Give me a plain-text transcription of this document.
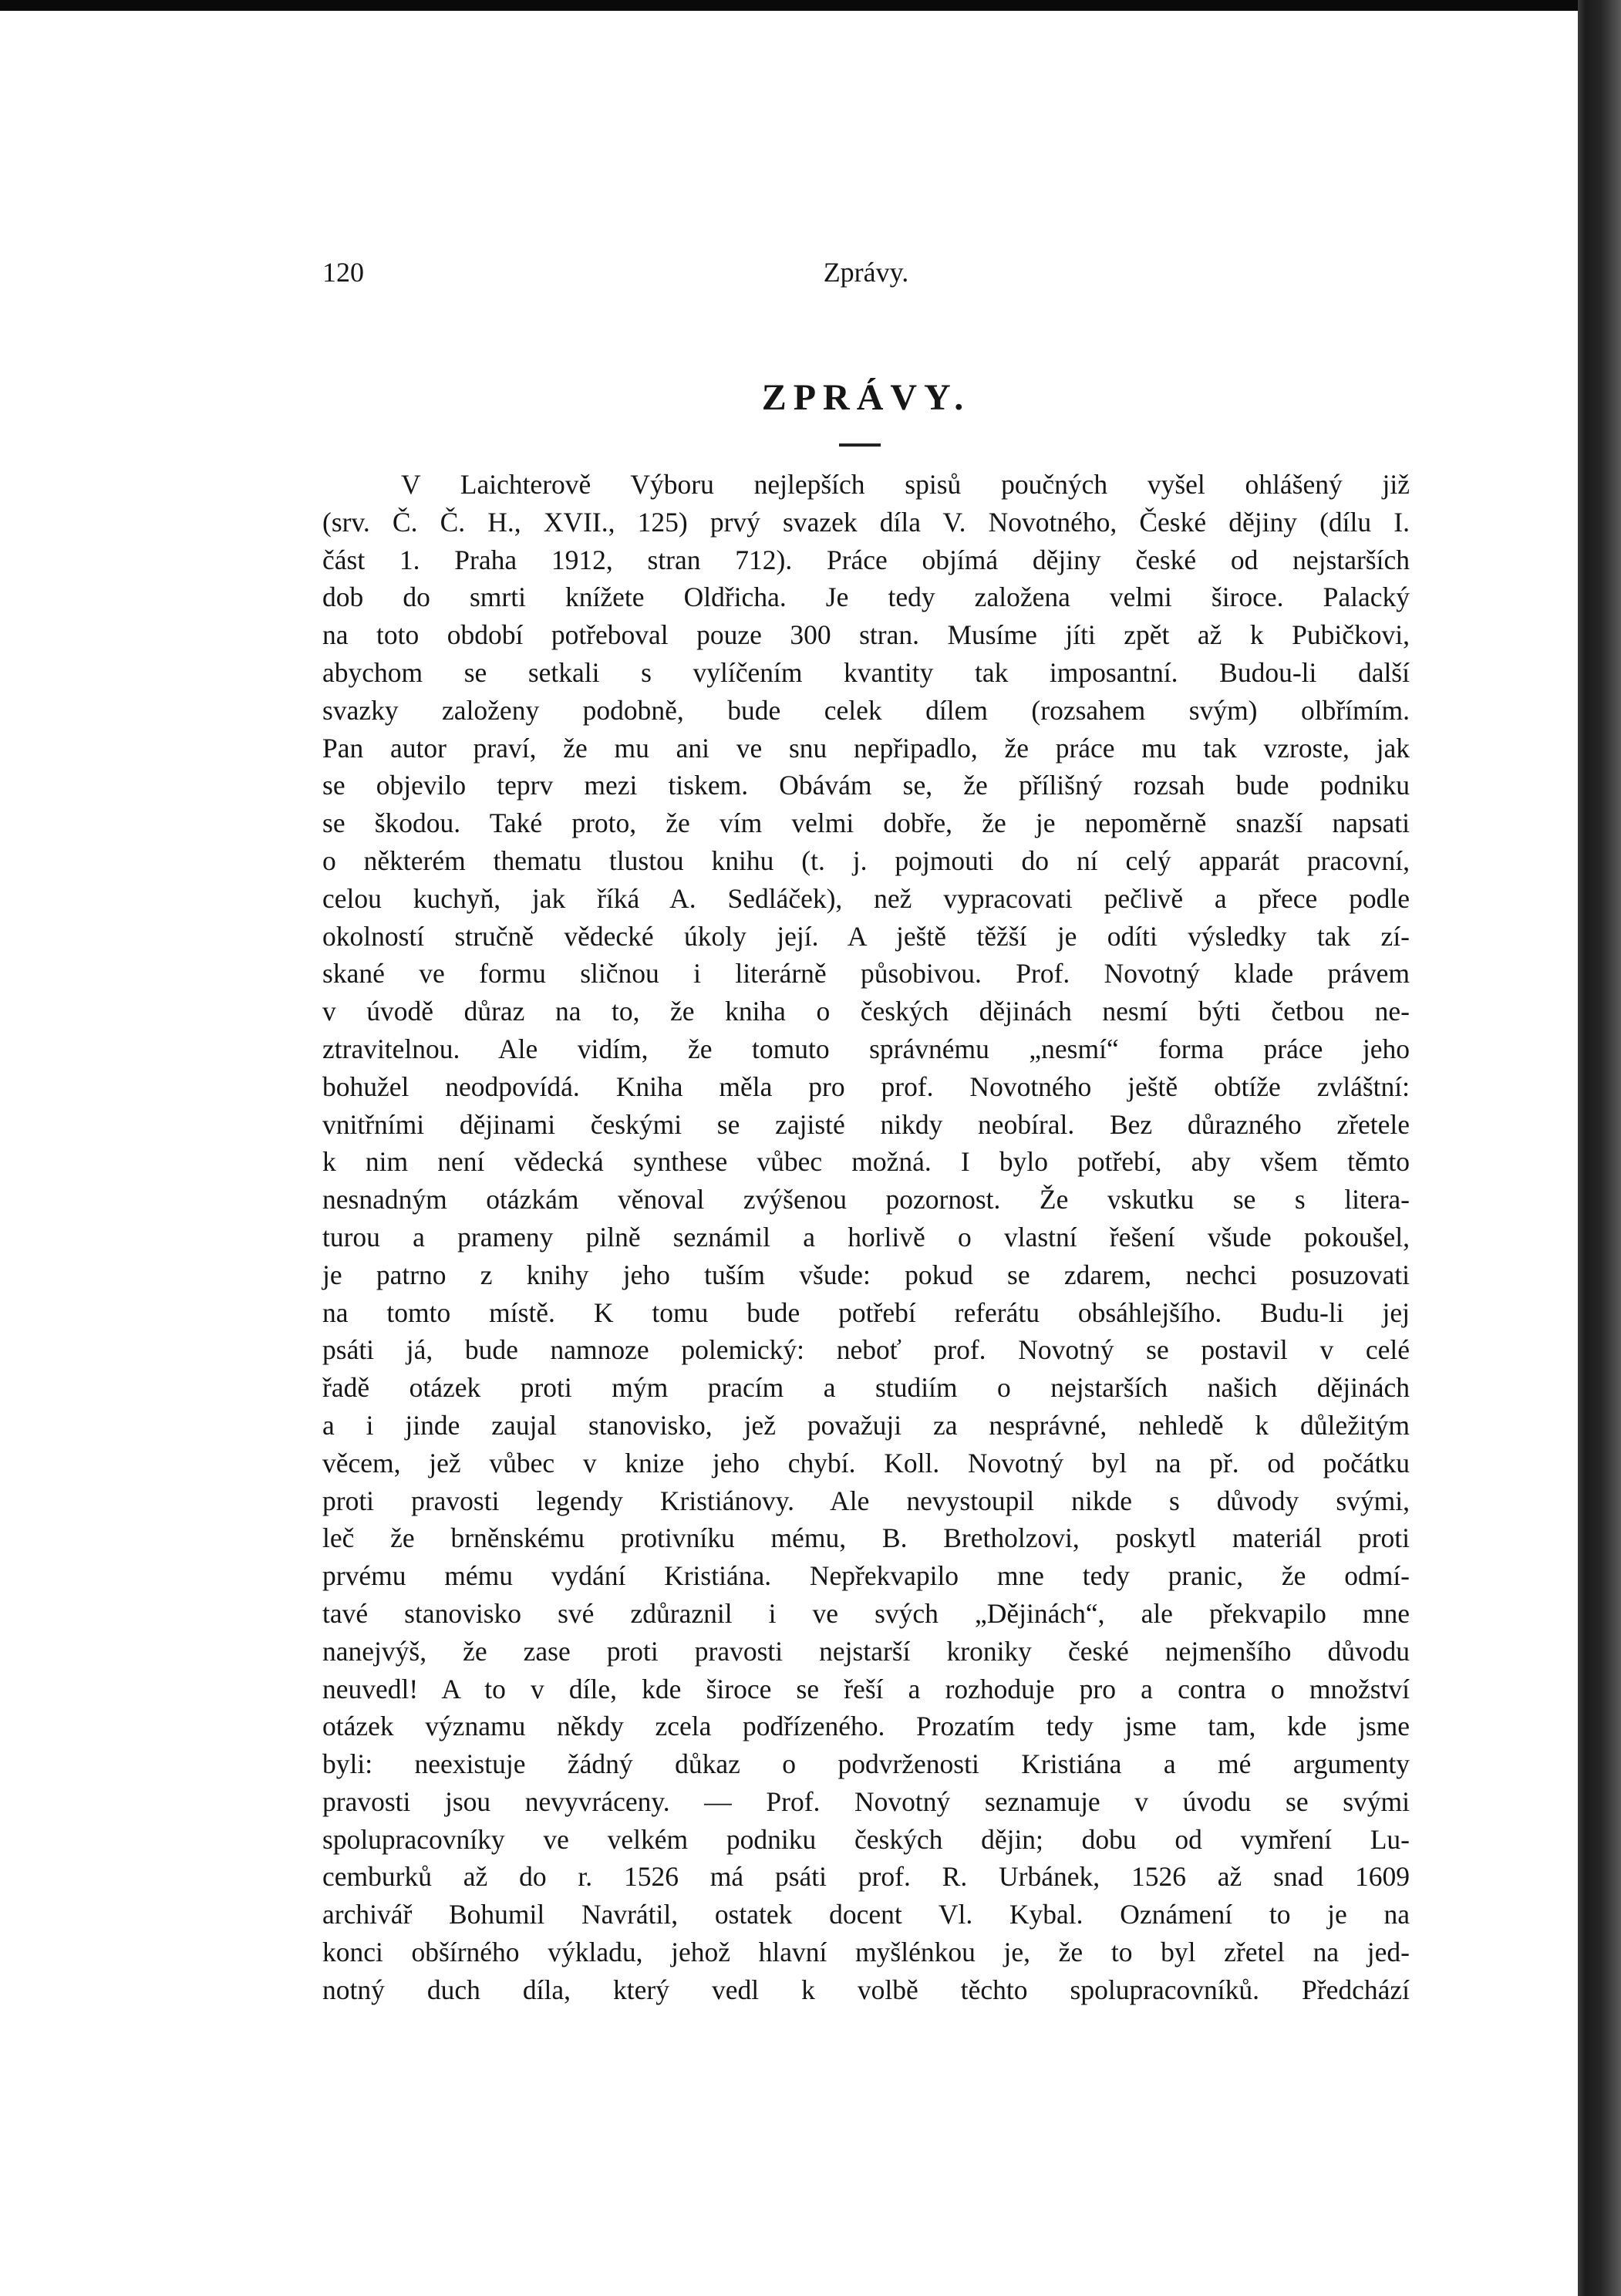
120	Zprávy.
ZPRÁVY.
V Laichterově Výboru nejlepších spisů poučných vyšel ohlášený již
(srv. Č. Č. H., XVII., 125) prvý svazek díla V. Novotného, České dějiny (dílu I.
část 1. Praha 1912, stran 712). Práce objímá dějiny české od nejstarších
dob do smrti knížete Oldřicha. Je tedy založena velmi široce. Palacký
na toto období potřeboval pouze 300 stran. Musíme jíti zpět až k Pubičkovi,
abychom se setkali s vylíčením kvantity tak imposantní. Budou-li další
svazky založeny podobně, bude celek dílem (rozsahem svým) olbřímím.
Pan autor praví, že mu ani ve snu nepřipadlo, že práce mu tak vzroste, jak
se objevilo teprv mezi tiskem. Obávám se, že přílišný rozsah bude podniku
se škodou. Také proto, že vím velmi dobře, že je nepoměrně snazší napsati
o některém thematu tlustou knihu (t. j. pojmouti do ní celý apparát pracovní,
celou kuchyň, jak říká A. Sedláček), než vypracovati pečlivě a přece podle
okolností stručně vědecké úkoly její. A ještě těžší je odíti výsledky tak zí-
skané ve formu sličnou i literárně působivou. Prof. Novotný klade právem
v úvodě důraz na to, že kniha o českých dějinách nesmí býti četbou ne-
ztravitelnou. Ale vidím, že tomuto správnému „nesmí“ forma práce jeho
bohužel neodpovídá. Kniha měla pro prof. Novotného ještě obtíže zvláštní:
vnitřními dějinami českými se zajisté nikdy neobíral. Bez důrazného zřetele
k nim není vědecká synthese vůbec možná. I bylo potřebí, aby všem těmto
nesnadným otázkám věnoval zvýšenou pozornost. Že vskutku se s litera-
turou a prameny pilně seznámil a horlivě o vlastní řešení všude pokoušel,
je patrno z knihy jeho tuším všude: pokud se zdarem, nechci posuzovati
na tomto místě. K tomu bude potřebí referátu obsáhlejšího. Budu-li jej
psáti já, bude namnoze polemický: neboť prof. Novotný se postavil v celé
řadě otázek proti mým pracím a studiím o nejstarších našich dějinách
a i jinde zaujal stanovisko, jež považuji za nesprávné, nehledě k důležitým
věcem, jež vůbec v knize jeho chybí. Koll. Novotný byl na př. od počátku
proti pravosti legendy Kristiánovy. Ale nevystoupil nikde s důvody svými,
leč že brněnskému protivníku mému, B. Bretholzovi, poskytl materiál proti
prvému mému vydání Kristiána. Nepřekvapilo mne tedy pranic, že odmí-
tavé stanovisko své zdůraznil i ve svých „Dějinách“, ale překvapilo mne
nanejvýš, že zase proti pravosti nejstarší kroniky české nejmenšího důvodu
neuvedl! A to v díle, kde široce se řeší a rozhoduje pro a contra o množství
otázek významu někdy zcela podřízeného. Prozatím tedy jsme tam, kde jsme
byli: neexistuje žádný důkaz o podvrženosti Kristiána a mé argumenty
pravosti jsou nevyvráceny. — Prof. Novotný seznamuje v úvodu se svými
spolupracovníky ve velkém podniku českých dějin; dobu od vymření Lu-
cemburků až do r. 1526 má psáti prof. R. Urbánek, 1526 až snad 1609
archivář Bohumil Navrátil, ostatek docent Vl. Kybal. Oznámení to je na
konci obšírného výkladu, jehož hlavní myšlénkou je, že to byl zřetel na jed-
notný duch díla, který vedl k volbě těchto spolupracovníků. Předchází
